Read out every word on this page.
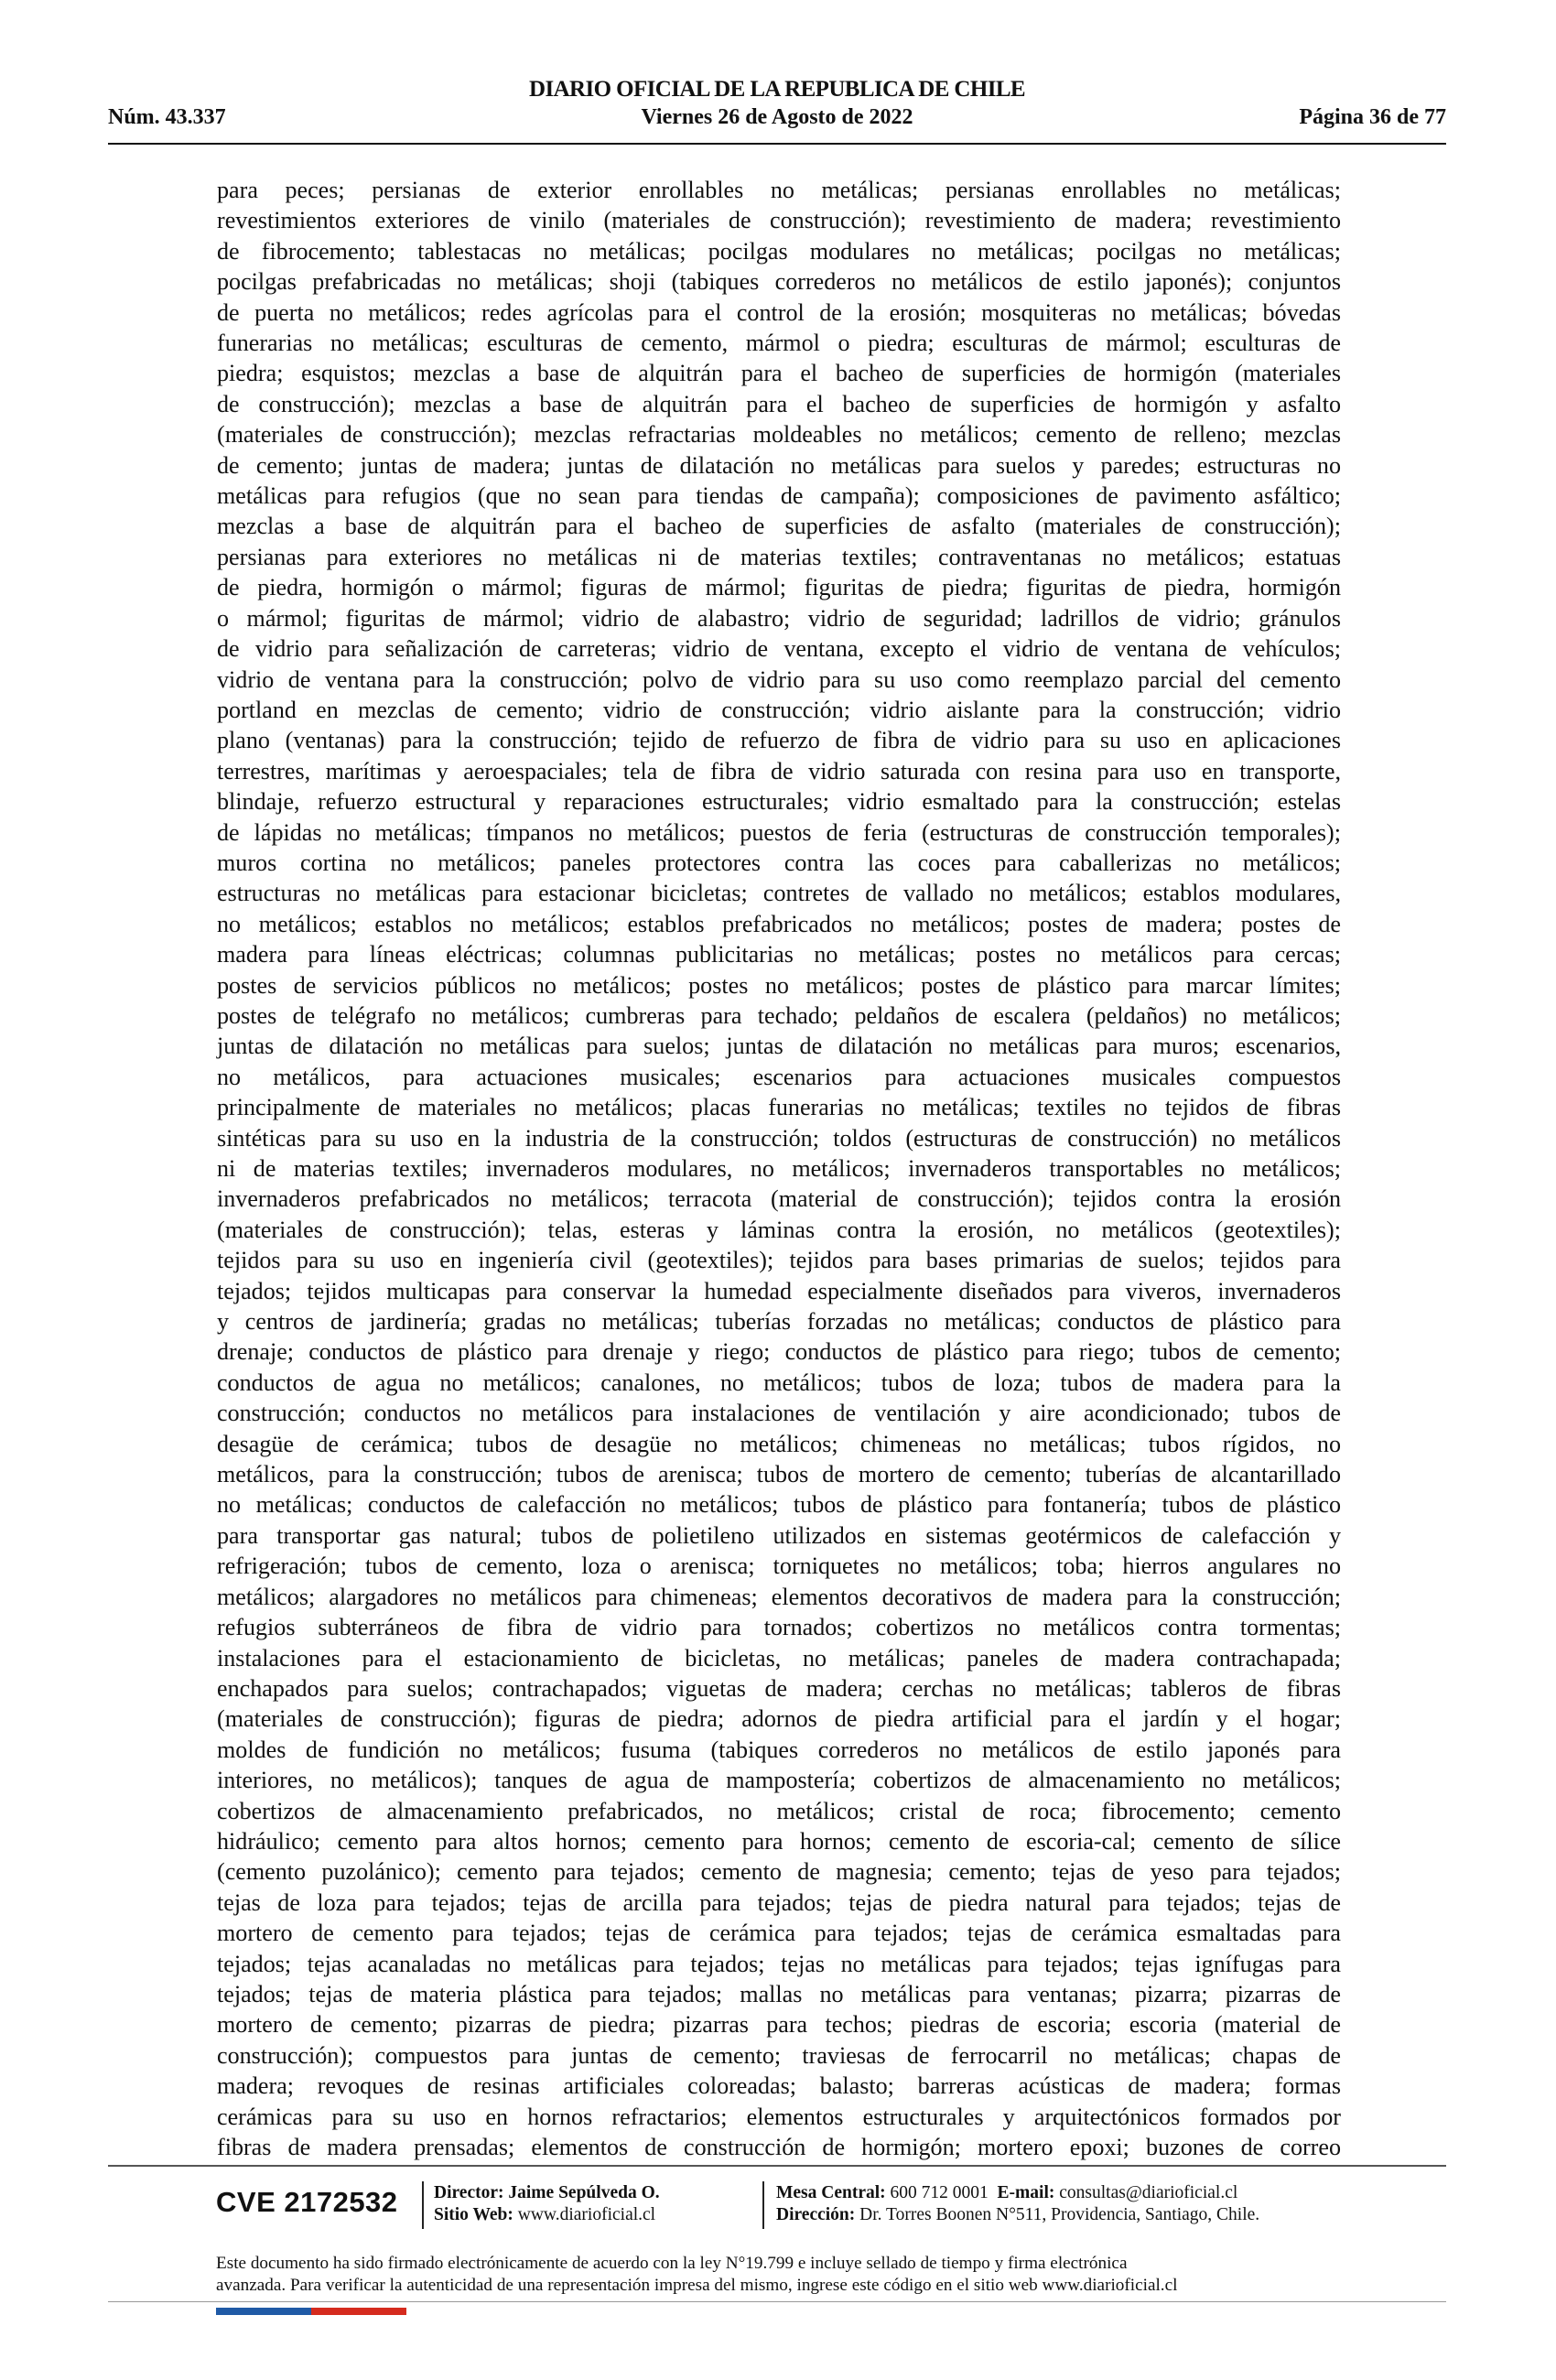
DIARIO OFICIAL DE LA REPUBLICA DE CHILE
Núm. 43.337	Viernes 26 de Agosto de 2022	Página 36 de 77
para peces; persianas de exterior enrollables no metálicas; persianas enrollables no metálicas;
revestimientos exteriores de vinilo (materiales de construcción); revestimiento de madera; revestimiento
de fibrocemento; tablestacas no metálicas; pocilgas modulares no metálicas; pocilgas no metálicas;
pocilgas prefabricadas no metálicas; shoji (tabiques correderos no metálicos de estilo japonés); conjuntos
de puerta no metálicos; redes agrícolas para el control de la erosión; mosquiteras no metálicas; bóvedas
funerarias no metálicas; esculturas de cemento, mármol o piedra; esculturas de mármol; esculturas de
piedra; esquistos; mezclas a base de alquitrán para el bacheo de superficies de hormigón (materiales
de construcción); mezclas a base de alquitrán para el bacheo de superficies de hormigón y asfalto
(materiales de construcción); mezclas refractarias moldeables no metálicos; cemento de relleno; mezclas
de cemento; juntas de madera; juntas de dilatación no metálicas para suelos y paredes; estructuras no
metálicas para refugios (que no sean para tiendas de campaña); composiciones de pavimento asfáltico;
mezclas a base de alquitrán para el bacheo de superficies de asfalto (materiales de construcción);
persianas para exteriores no metálicas ni de materias textiles; contraventanas no metálicos; estatuas
de piedra, hormigón o mármol; figuras de mármol; figuritas de piedra; figuritas de piedra, hormigón
o mármol; figuritas de mármol; vidrio de alabastro; vidrio de seguridad; ladrillos de vidrio; gránulos
de vidrio para señalización de carreteras; vidrio de ventana, excepto el vidrio de ventana de vehículos;
vidrio de ventana para la construcción; polvo de vidrio para su uso como reemplazo parcial del cemento
portland en mezclas de cemento; vidrio de construcción; vidrio aislante para la construcción; vidrio
plano (ventanas) para la construcción; tejido de refuerzo de fibra de vidrio para su uso en aplicaciones
terrestres, marítimas y aeroespaciales; tela de fibra de vidrio saturada con resina para uso en transporte,
blindaje, refuerzo estructural y reparaciones estructurales; vidrio esmaltado para la construcción; estelas
de lápidas no metálicas; tímpanos no metálicos; puestos de feria (estructuras de construcción temporales);
muros cortina no metálicos; paneles protectores contra las coces para caballerizas no metálicos;
estructuras no metálicas para estacionar bicicletas; contretes de vallado no metálicos; establos modulares,
no metálicos; establos no metálicos; establos prefabricados no metálicos; postes de madera; postes de
madera para líneas eléctricas; columnas publicitarias no metálicas; postes no metálicos para cercas;
postes de servicios públicos no metálicos; postes no metálicos; postes de plástico para marcar límites;
postes de telégrafo no metálicos; cumbreras para techado; peldaños de escalera (peldaños) no metálicos;
juntas de dilatación no metálicas para suelos; juntas de dilatación no metálicas para muros; escenarios,
no metálicos, para actuaciones musicales; escenarios para actuaciones musicales compuestos
principalmente de materiales no metálicos; placas funerarias no metálicas; textiles no tejidos de fibras
sintéticas para su uso en la industria de la construcción; toldos (estructuras de construcción) no metálicos
ni de materias textiles; invernaderos modulares, no metálicos; invernaderos transportables no metálicos;
invernaderos prefabricados no metálicos; terracota (material de construcción); tejidos contra la erosión
(materiales de construcción); telas, esteras y láminas contra la erosión, no metálicos (geotextiles);
tejidos para su uso en ingeniería civil (geotextiles); tejidos para bases primarias de suelos; tejidos para
tejados; tejidos multicapas para conservar la humedad especialmente diseñados para viveros, invernaderos
y centros de jardinería; gradas no metálicas; tuberías forzadas no metálicas; conductos de plástico para
drenaje; conductos de plástico para drenaje y riego; conductos de plástico para riego; tubos de cemento;
conductos de agua no metálicos; canalones, no metálicos; tubos de loza; tubos de madera para la
construcción; conductos no metálicos para instalaciones de ventilación y aire acondicionado; tubos de
desagüe de cerámica; tubos de desagüe no metálicos; chimeneas no metálicas; tubos rígidos, no
metálicos, para la construcción; tubos de arenisca; tubos de mortero de cemento; tuberías de alcantarillado
no metálicas; conductos de calefacción no metálicos; tubos de plástico para fontanería; tubos de plástico
para transportar gas natural; tubos de polietileno utilizados en sistemas geotérmicos de calefacción y
refrigeración; tubos de cemento, loza o arenisca; torniquetes no metálicos; toba; hierros angulares no
metálicos; alargadores no metálicos para chimeneas; elementos decorativos de madera para la construcción;
refugios subterráneos de fibra de vidrio para tornados; cobertizos no metálicos contra tormentas;
instalaciones para el estacionamiento de bicicletas, no metálicas; paneles de madera contrachapada;
enchapados para suelos; contrachapados; viguetas de madera; cerchas no metálicas; tableros de fibras
(materiales de construcción); figuras de piedra; adornos de piedra artificial para el jardín y el hogar;
moldes de fundición no metálicos; fusuma (tabiques correderos no metálicos de estilo japonés para
interiores, no metálicos); tanques de agua de mampostería; cobertizos de almacenamiento no metálicos;
cobertizos de almacenamiento prefabricados, no metálicos; cristal de roca; fibrocemento; cemento
hidráulico; cemento para altos hornos; cemento para hornos; cemento de escoria-cal; cemento de sílice
(cemento puzolánico); cemento para tejados; cemento de magnesia; cemento; tejas de yeso para tejados;
tejas de loza para tejados; tejas de arcilla para tejados; tejas de piedra natural para tejados; tejas de
mortero de cemento para tejados; tejas de cerámica para tejados; tejas de cerámica esmaltadas para
tejados; tejas acanaladas no metálicas para tejados; tejas no metálicas para tejados; tejas ignífugas para
tejados; tejas de materia plástica para tejados; mallas no metálicas para ventanas; pizarra; pizarras de
mortero de cemento; pizarras de piedra; pizarras para techos; piedras de escoria; escoria (material de
construcción); compuestos para juntas de cemento; traviesas de ferrocarril no metálicas; chapas de
madera; revoques de resinas artificiales coloreadas; balasto; barreras acústicas de madera; formas
cerámicas para su uso en hornos refractarios; elementos estructurales y arquitectónicos formados por
fibras de madera prensadas; elementos de construcción de hormigón; mortero epoxi; buzones de correo
CVE 2172532 Director: Jaime Sepúlveda O.
Sitio Web: www.diarioficial.cl
Mesa Central: 600 712 0001 E-mail: consultas@diarioficial.cl
Dirección: Dr. Torres Boonen N°511, Providencia, Santiago, Chile.
Este documento ha sido firmado electrónicamente de acuerdo con la ley N°19.799 e incluye sellado de tiempo y firma electrónica
avanzada. Para verificar la autenticidad de una representación impresa del mismo, ingrese este código en el sitio web www.diarioficial.cl
